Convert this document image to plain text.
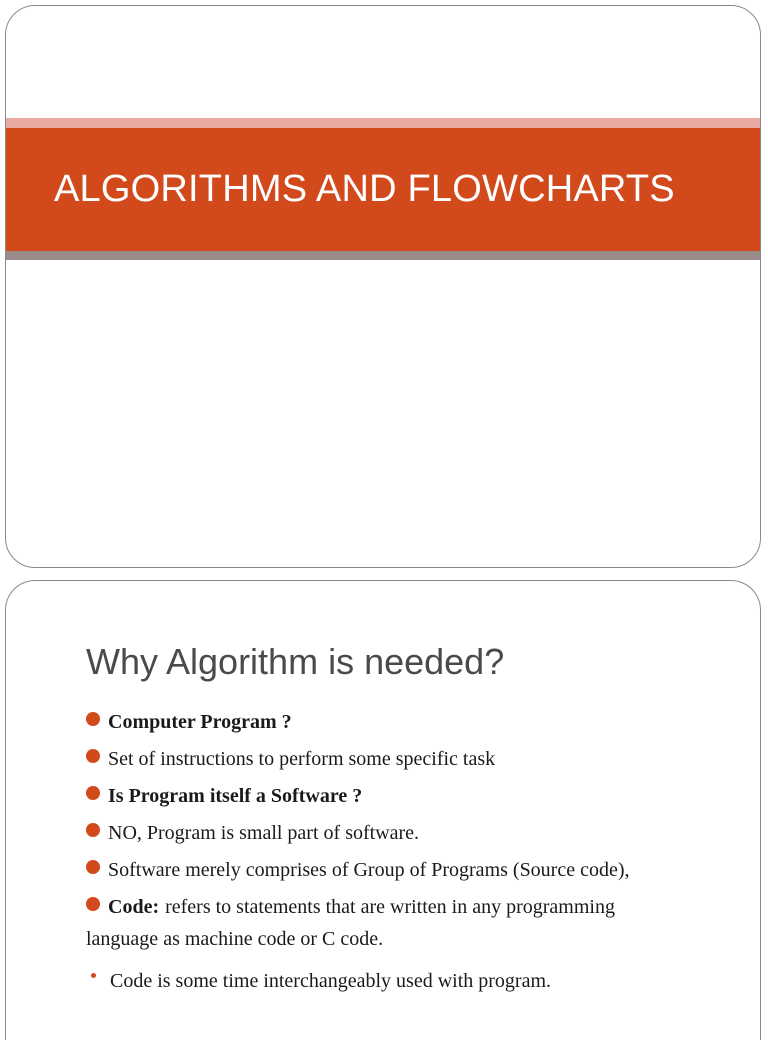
ALGORITHMS AND FLOWCHARTS
Why Algorithm is needed?
Computer Program ?
Set of instructions to perform some specific task
Is Program itself a Software ?
NO, Program is small part of software.
Software merely comprises of Group of Programs (Source code),
Code: refers to statements that are written in any programming
language as machine code or C code.
Code is some time interchangeably used with program.
